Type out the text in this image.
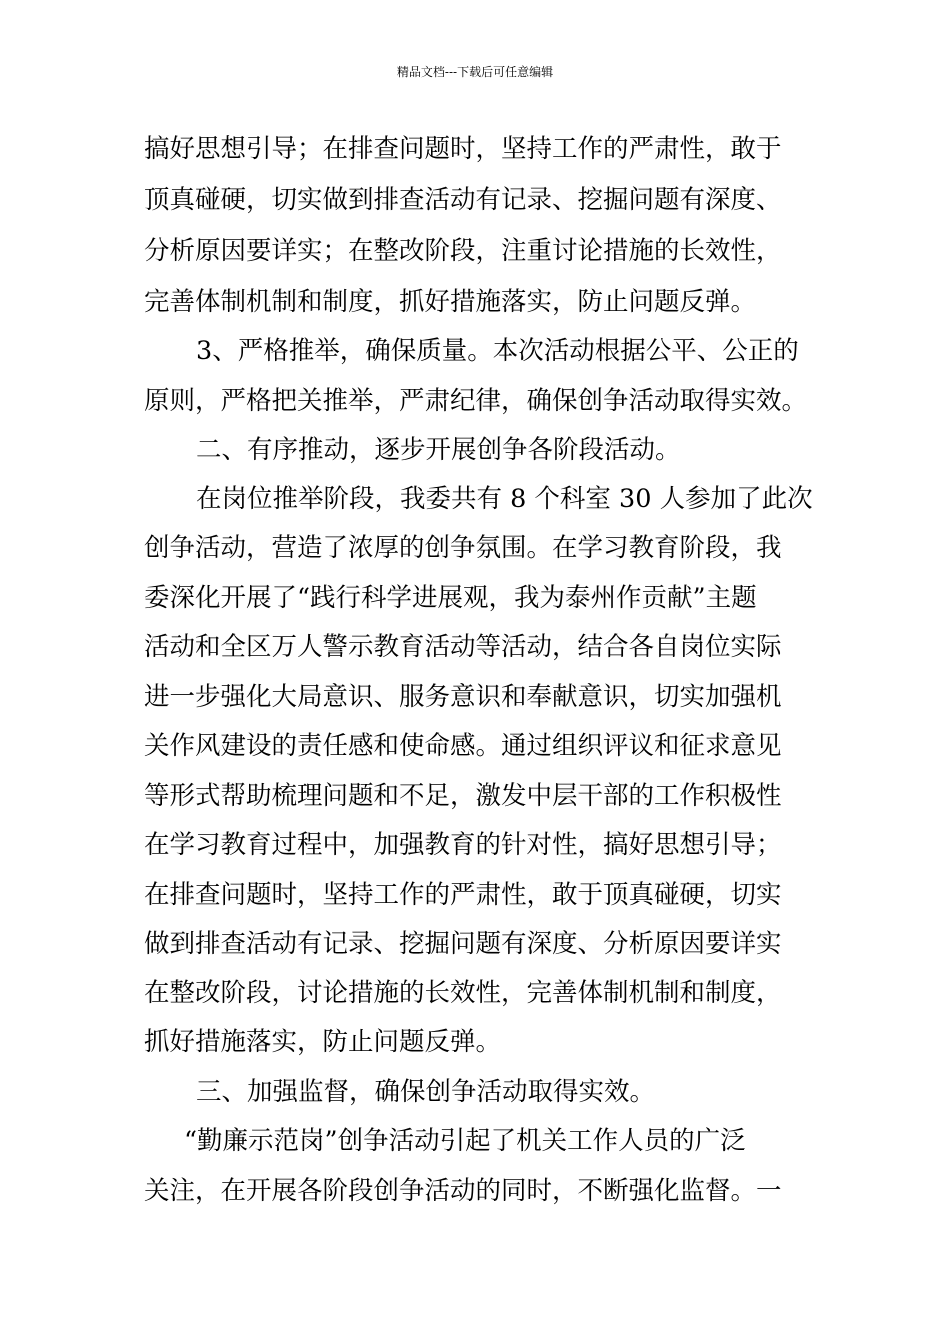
精品文档---下载后可任意编辑
搞好思想引导；在排查问题时，坚持工作的严肃性，敢于
顶真碰硬，切实做到排查活动有记录、挖掘问题有深度、
分析原因要详实；在整改阶段，注重讨论措施的长效性，
完善体制机制和制度，抓好措施落实，防止问题反弹。
3、严格推举，确保质量。本次活动根据公平、公正的
原则，严格把关推举，严肃纪律，确保创争活动取得实效。
二、有序推动，逐步开展创争各阶段活动。
在岗位推举阶段，我委共有 8 个科室 30 人参加了此次
创争活动，营造了浓厚的创争氛围。在学习教育阶段，我
委深化开展了“践行科学进展观，我为泰州作贡献”主题
活动和全区万人警示教育活动等活动，结合各自岗位实际
进一步强化大局意识、服务意识和奉献意识，切实加强机
关作风建设的责任感和使命感。通过组织评议和征求意见
等形式帮助梳理问题和不足，激发中层干部的工作积极性
在学习教育过程中，加强教育的针对性，搞好思想引导；
在排查问题时，坚持工作的严肃性，敢于顶真碰硬，切实
做到排查活动有记录、挖掘问题有深度、分析原因要详实
在整改阶段，讨论措施的长效性，完善体制机制和制度，
抓好措施落实，防止问题反弹。
三、加强监督，确保创争活动取得实效。
“勤廉示范岗”创争活动引起了机关工作人员的广泛
关注，在开展各阶段创争活动的同时，不断强化监督。一
